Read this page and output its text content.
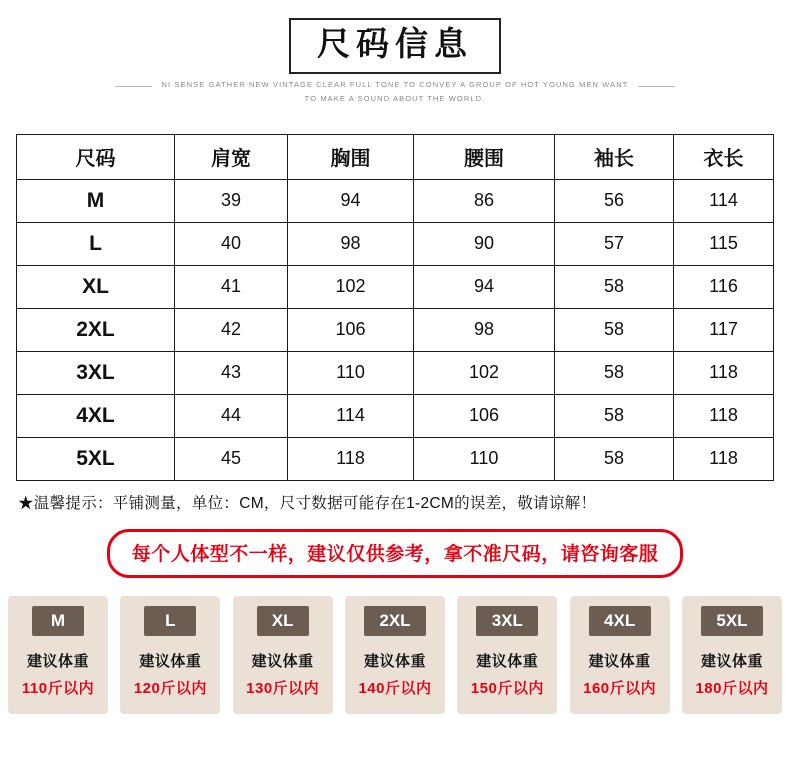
尺码信息
NI SENSE GATHER NEW VINTAGE CLEAR FULL TONE TO CONVEY A GROUP OF HOT YOUNG MEN WANT
TO MAKE A SOUND ABOUT THE WORLD.
尺码	肩宽	胸围	腰围	袖长	衣长
M	39	94	86	56	114
L	40	98	90	57	115
XL	41	102	94	58	116
2XL	42	106	98	58	117
3XL	43	110	102	58	118
4XL	44	114	106	58	118
5XL	45	118	110	58	118
★温馨提示：平铺测量，单位：CM，尺寸数据可能存在1-2CM的误差，敬请谅解！
每个人体型不一样，建议仅供参考，拿不准尺码，请咨询客服
M
建议体重
110斤以内
L
建议体重
120斤以内
XL
建议体重
130斤以内
2XL
建议体重
140斤以内
3XL
建议体重
150斤以内
4XL
建议体重
160斤以内
5XL
建议体重
180斤以内
